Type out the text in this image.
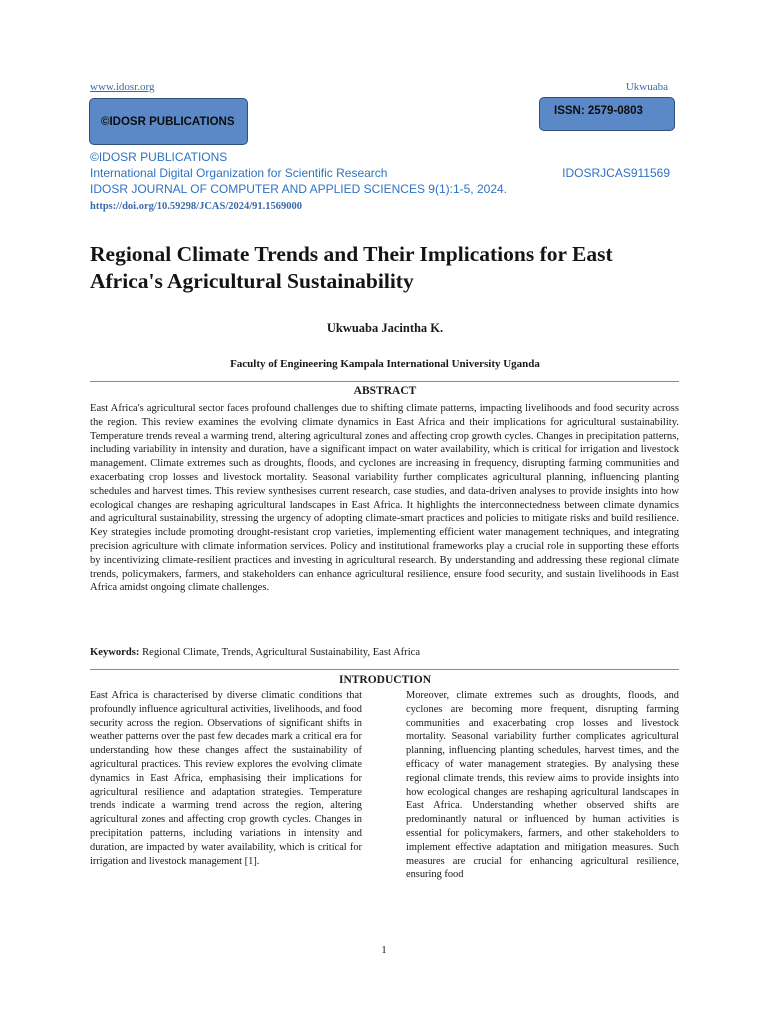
www.idosr.org	Ukwuaba
©IDOSR PUBLICATIONS
ISSN: 2579-0803
©IDOSR PUBLICATIONS
International Digital Organization for Scientific Research	IDOSRJCAS911569
IDOSR JOURNAL OF COMPUTER AND APPLIED SCIENCES 9(1):1-5, 2024.
https://doi.org/10.59298/JCAS/2024/91.1569000
Regional Climate Trends and Their Implications for East Africa's Agricultural Sustainability
Ukwuaba Jacintha K.
Faculty of Engineering Kampala International University Uganda
ABSTRACT

East Africa's agricultural sector faces profound challenges due to shifting climate patterns, impacting livelihoods and food security across the region. This review examines the evolving climate dynamics in East Africa and their implications for agricultural sustainability. Temperature trends reveal a warming trend, altering agricultural zones and affecting crop growth cycles. Changes in precipitation patterns, including variability in intensity and duration, have a significant impact on water availability, which is critical for irrigation and livestock management. Climate extremes such as droughts, floods, and cyclones are increasing in frequency, disrupting farming communities and exacerbating crop losses and livestock mortality. Seasonal variability further complicates agricultural planning, influencing planting schedules and harvest times. This review synthesises current research, case studies, and data-driven analyses to provide insights into how ecological changes are reshaping agricultural landscapes in East Africa. It highlights the interconnectedness between climate dynamics and agricultural sustainability, stressing the urgency of adopting climate-smart practices and policies to mitigate risks and build resilience. Key strategies include promoting drought-resistant crop varieties, implementing efficient water management techniques, and integrating precision agriculture with climate information services. Policy and institutional frameworks play a crucial role in supporting these efforts by incentivizing climate-resilient practices and investing in agricultural research. By understanding and addressing these regional climate trends, policymakers, farmers, and stakeholders can enhance agricultural resilience, ensure food security, and sustain livelihoods in East Africa amidst ongoing climate challenges.

Keywords: Regional Climate, Trends, Agricultural Sustainability, East Africa
INTRODUCTION

East Africa is characterised by diverse climatic conditions that profoundly influence agricultural activities, livelihoods, and food security across the region. Observations of significant shifts in weather patterns over the past few decades mark a critical era for understanding how these changes affect the sustainability of agricultural practices. This review explores the evolving climate dynamics in East Africa, emphasising their implications for agricultural resilience and adaptation strategies. Temperature trends indicate a warming trend across the region, altering agricultural zones and affecting crop growth cycles. Changes in precipitation patterns, including variations in intensity and duration, are impacted by water availability, which is critical for irrigation and livestock management [1].

Moreover, climate extremes such as droughts, floods, and cyclones are becoming more frequent, disrupting farming communities and exacerbating crop losses and livestock mortality. Seasonal variability further complicates agricultural planning, influencing planting schedules, harvest times, and the efficacy of water management strategies. By analysing these regional climate trends, this review aims to provide insights into how ecological changes are reshaping agricultural landscapes in East Africa. Understanding whether observed shifts are predominantly natural or influenced by human activities is essential for policymakers, farmers, and other stakeholders to implement effective adaptation and mitigation measures. Such measures are crucial for enhancing agricultural resilience, ensuring food

1
